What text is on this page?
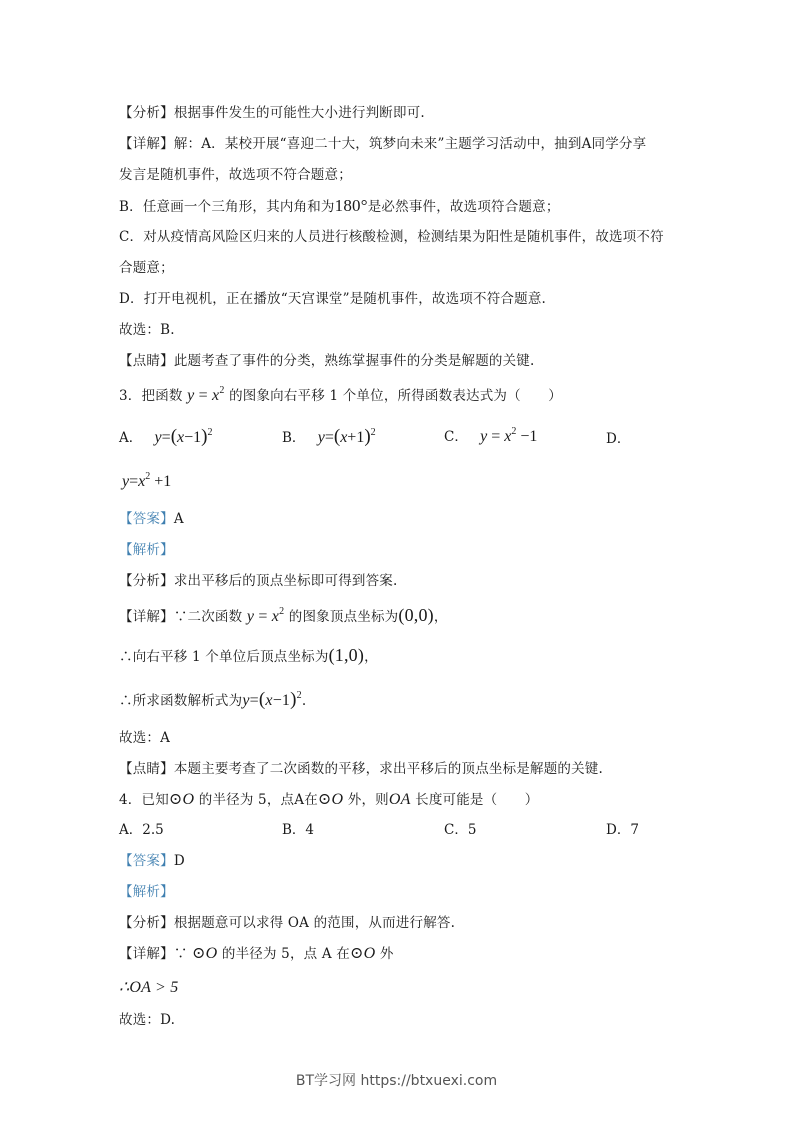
【分析】根据事件发生的可能性大小进行判断即可.
【详解】解：A．某校开展“喜迎二十大，筑梦向未来”主题学习活动中，抽到A同学分享
发言是随机事件，故选项不符合题意；
B．任意画一个三角形，其内角和为180°是必然事件，故选项符合题意；
C．对从疫情高风险区归来的人员进行核酸检测，检测结果为阳性是随机事件，故选项不符
合题意；
D．打开电视机，正在播放“天宫课堂”是随机事件，故选项不符合题意.
故选：B.
【点睛】此题考查了事件的分类，熟练掌握事件的分类是解题的关键.
3．把函数 $y = x^2$ 的图象向右平移 1 个单位，所得函数表达式为（　　）
A． $y=(x-1)^2$	B． $y=(x+1)^2$	C． $y = x^2 -1$	D．
$y=x^2 +1$
【答案】A
【解析】
【分析】求出平移后的顶点坐标即可得到答案.
【详解】∵二次函数 $y = x^2$ 的图象顶点坐标为(0,0)，
∴向右平移 1 个单位后顶点坐标为(1,0)，
∴所求函数解析式为$y=(x-1)^2$.
故选：A
【点睛】本题主要考查了二次函数的平移，求出平移后的顶点坐标是解题的关键.
4．已知⊙O 的半径为 5，点A在⊙O 外，则OA 长度可能是（　　）
A．2.5	B．4	C．5	D．7
【答案】D
【解析】
【分析】根据题意可以求得 OA 的范围，从而进行解答.
【详解】∵ ⊙O 的半径为 5，点 A 在⊙O 外
∴OA > 5
故选：D.
BT学习网 https://btxuexi.com
